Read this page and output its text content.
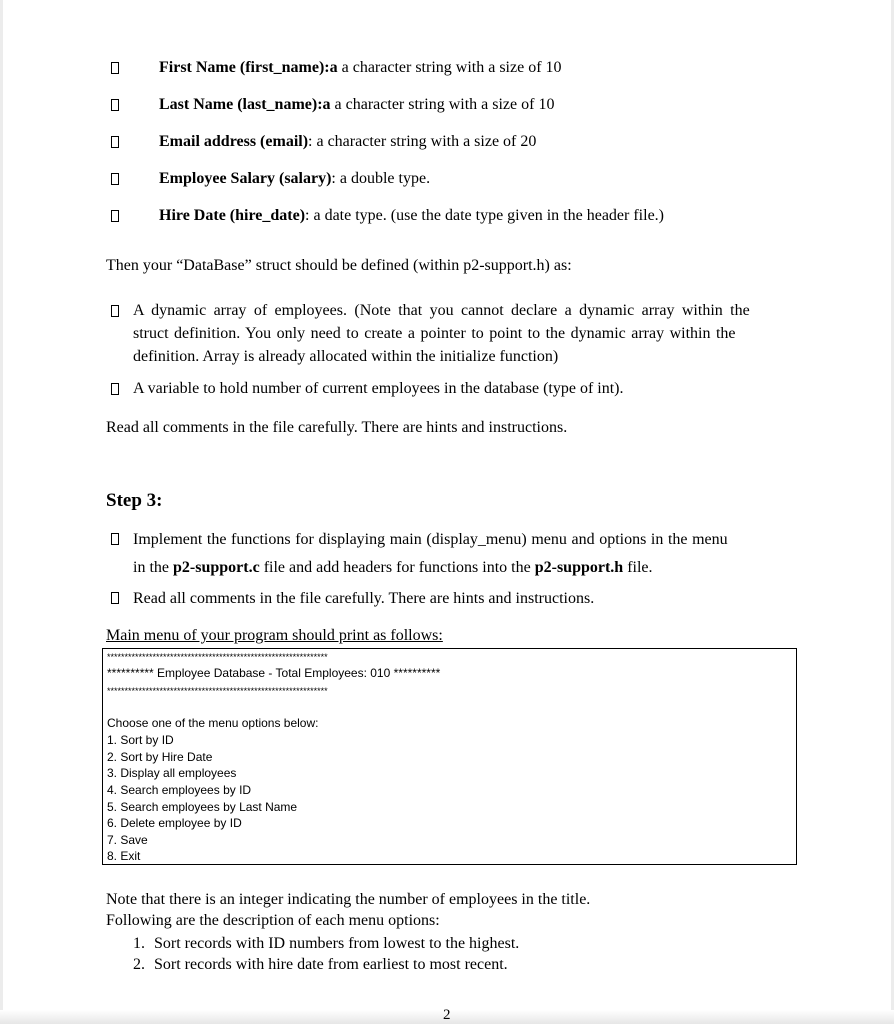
First Name (first_name):a a character string with a size of 10
Last Name (last_name):a a character string with a size of 10
Email address (email): a character string with a size of 20
Employee Salary (salary): a double type.
Hire Date (hire_date): a date type. (use the date type given in the header file.)
Then your “DataBase” struct should be defined (within p2-support.h) as:
A dynamic array of employees. (Note that you cannot declare a dynamic array within the
struct definition. You only need to create a pointer to point to the dynamic array within the
definition. Array is already allocated within the initialize function)
A variable to hold number of current employees in the database (type of int).
Read all comments in the file carefully. There are hints and instructions.
Step 3:
Implement the functions for displaying main (display_menu) menu and options in the menu
in the p2-support.c file and add headers for functions into the p2-support.h file.
Read all comments in the file carefully. There are hints and instructions.
Main menu of your program should print as follows:
***************************************************************
********** Employee Database - Total Employees: 010 **********
***************************************************************
Choose one of the menu options below:
1. Sort by ID
2. Sort by Hire Date
3. Display all employees
4. Search employees by ID
5. Search employees by Last Name
6. Delete employee by ID
7. Save
8. Exit
Note that there is an integer indicating the number of employees in the title.
Following are the description of each menu options:
1. Sort records with ID numbers from lowest to the highest.
2. Sort records with hire date from earliest to most recent.
2
